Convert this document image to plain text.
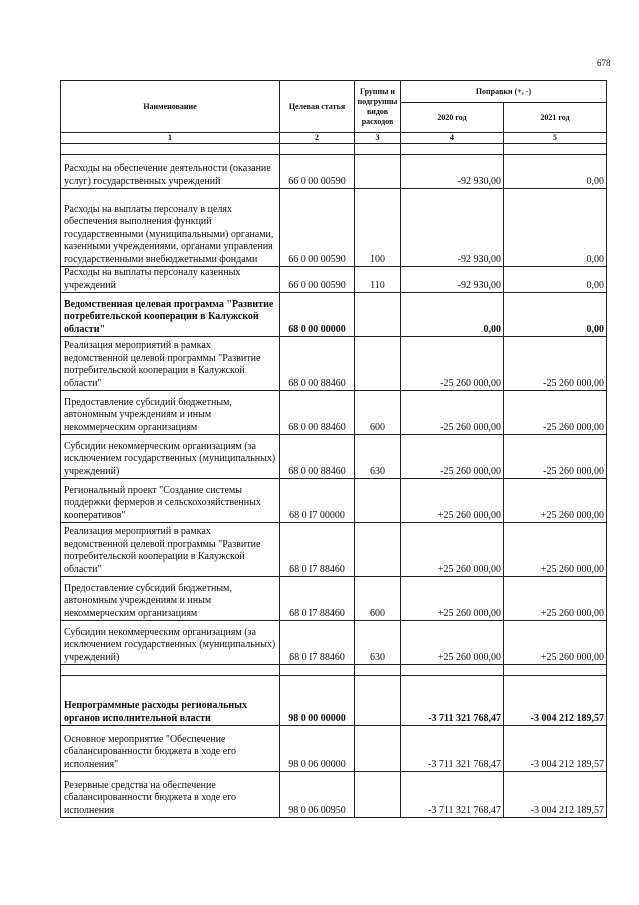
678
Наименование	Целевая статья	Группы и подгруппы видов расходов	Поправки (+, -)	
			2020 год	2021 год
1	2	3	4	5

Расходы на обеспечение деятельности (оказание услуг) государственных учреждений	66 0 00 00590		-92 930,00	0,00
Расходы на выплаты персоналу в целях обеспечения выполнения функций государственными (муниципальными) органами, казенными учреждениями, органами управления государственными внебюджетными фондами	66 0 00 00590	100	-92 930,00	0,00
Расходы на выплаты персоналу казенных учреждений	66 0 00 00590	110	-92 930,00	0,00
Ведомственная целевая программа "Развитие потребительской кооперации в Калужской области"	68 0 00 00000		0,00	0,00
Реализация мероприятий в рамках ведомственной целевой программы "Развитие потребительской кооперации в Калужской области"	68 0 00 88460		-25 260 000,00	-25 260 000,00
Предоставление субсидий бюджетным, автономным учреждениям и иным некоммерческим организациям	68 0 00 88460	600	-25 260 000,00	-25 260 000,00
Субсидии некоммерческим организациям (за исключением государственных (муниципальных) учреждений)	68 0 00 88460	630	-25 260 000,00	-25 260 000,00
Региональный проект "Создание системы поддержки фермеров и сельскохозяйственных кооперативов"	68 0 I7 00000		+25 260 000,00	+25 260 000,00
Реализация мероприятий в рамках ведомственной целевой программы "Развитие потребительской кооперации в Калужской области"	68 0 I7 88460		+25 260 000,00	+25 260 000,00
Предоставление субсидий бюджетным, автономным учреждениям и иным некоммерческим организациям	68 0 I7 88460	600	+25 260 000,00	+25 260 000,00
Субсидии некоммерческим организациям (за исключением государственных (муниципальных) учреждений)	68 0 I7 88460	630	+25 260 000,00	+25 260 000,00

Непрограммные расходы региональных органов исполнительной власти	98 0 00 00000		-3 711 321 768,47	-3 004 212 189,57
Основное мероприятие "Обеспечение сбалансированности бюджета в ходе его исполнения"	98 0 06 00000		-3 711 321 768,47	-3 004 212 189,57
Резервные средства на обеспечение сбалансированности бюджета в ходе его исполнения	98 0 06 00950		-3 711 321 768,47	-3 004 212 189,57
